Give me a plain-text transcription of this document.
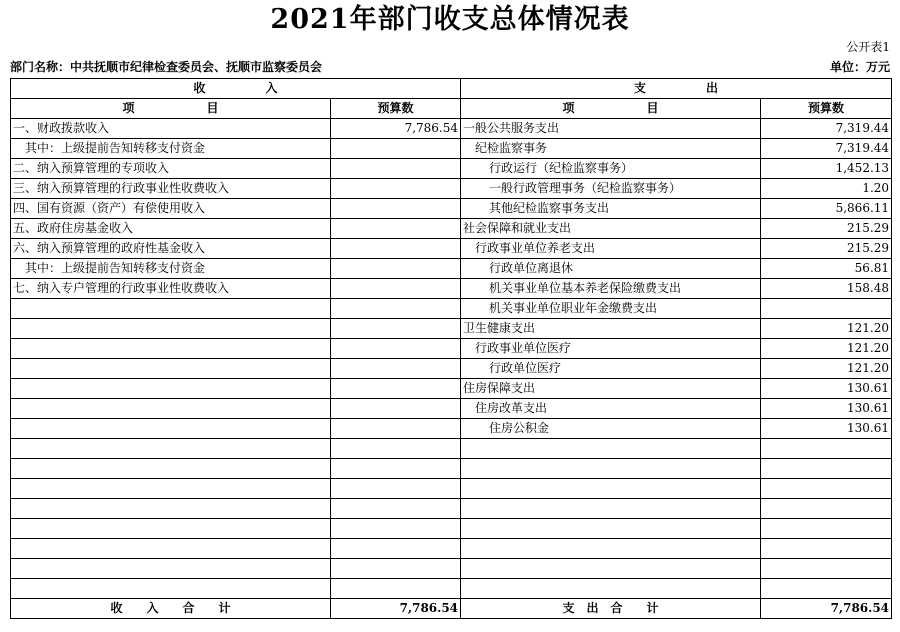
2021年部门收支总体情况表
公开表1
部门名称：中共抚顺市纪律检查委员会、抚顺市监察委员会	单位：万元
收　　　　　入		支　　　　　出	
项　　　　　　目	预算数	项　　　　　　目	预算数
一、财政拨款收入	7,786.54	一般公共服务支出	7,319.44
其中：上级提前告知转移支付资金		纪检监察事务	7,319.44
二、纳入预算管理的专项收入		行政运行（纪检监察事务）	1,452.13
三、纳入预算管理的行政事业性收费收入		一般行政管理事务（纪检监察事务）	1.20
四、国有资源（资产）有偿使用收入		其他纪检监察事务支出	5,866.11
五、政府住房基金收入		社会保障和就业支出	215.29
六、纳入预算管理的政府性基金收入		行政事业单位养老支出	215.29
其中：上级提前告知转移支付资金		行政单位离退休	56.81
七、纳入专户管理的行政事业性收费收入		机关事业单位基本养老保险缴费支出	158.48
		机关事业单位职业年金缴费支出	
		卫生健康支出	121.20
		行政事业单位医疗	121.20
		行政单位医疗	121.20
		住房保障支出	130.61
		住房改革支出	130.61
		住房公积金	130.61

收　　入　　合　　计	7,786.54	支　出　合　　计	7,786.54
